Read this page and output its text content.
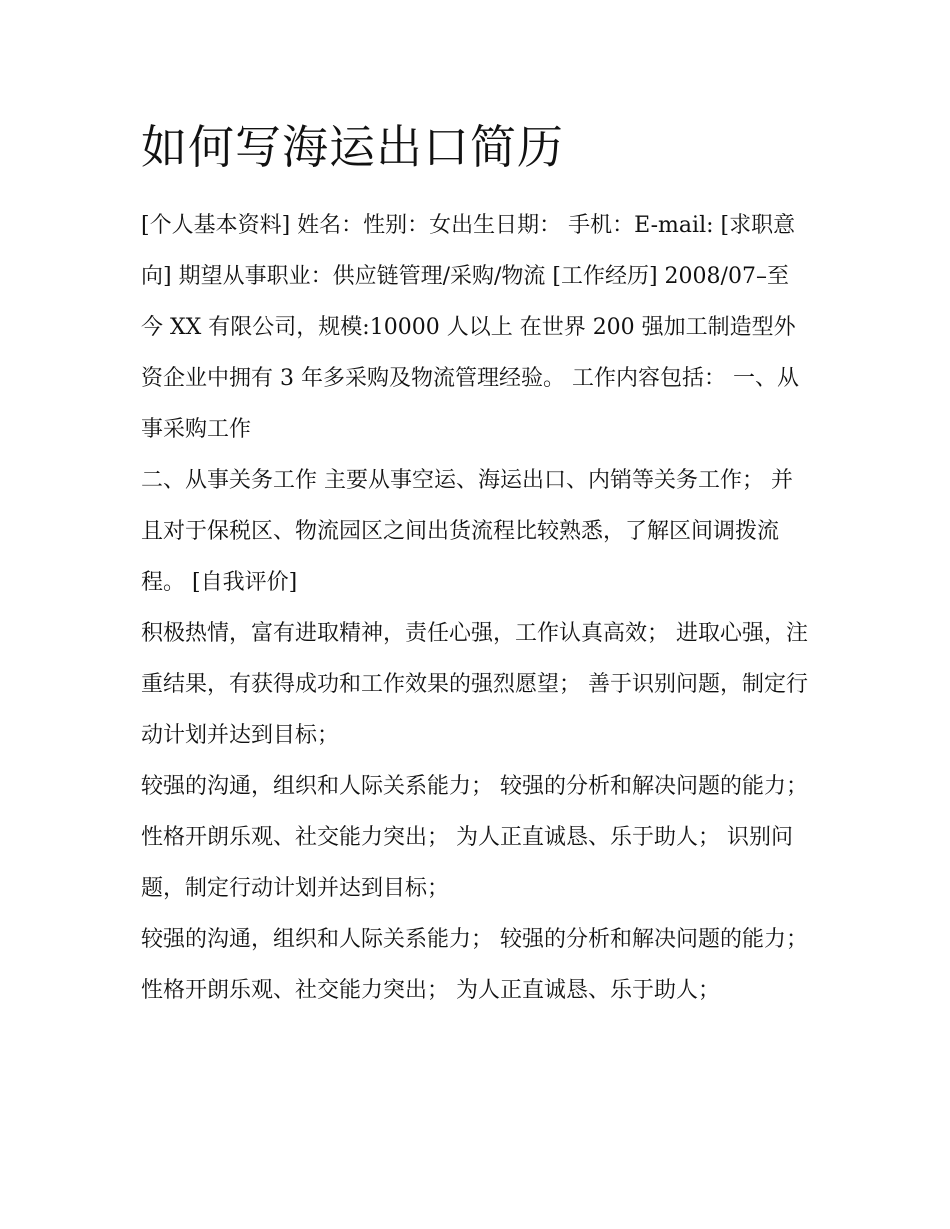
如何写海运出口简历

[个人基本资料] 姓名：性别：女出生日期： 手机：E-mail: [求职意向] 期望从事职业：供应链管理/采购/物流 [工作经历] 2008/07–至今 XX 有限公司，规模:10000 人以上 在世界 200 强加工制造型外资企业中拥有 3 年多采购及物流管理经验。 工作内容包括： 一、从事采购工作

二、从事关务工作 主要从事空运、海运出口、内销等关务工作； 并且对于保税区、物流园区之间出货流程比较熟悉，了解区间调拨流程。 [自我评价]

积极热情，富有进取精神，责任心强，工作认真高效； 进取心强，注重结果，有获得成功和工作效果的强烈愿望； 善于识别问题，制定行动计划并达到目标；

较强的沟通，组织和人际关系能力； 较强的分析和解决问题的能力； 性格开朗乐观、社交能力突出； 为人正直诚恳、乐于助人； 识别问题，制定行动计划并达到目标；

较强的沟通，组织和人际关系能力； 较强的分析和解决问题的能力； 性格开朗乐观、社交能力突出； 为人正直诚恳、乐于助人；
